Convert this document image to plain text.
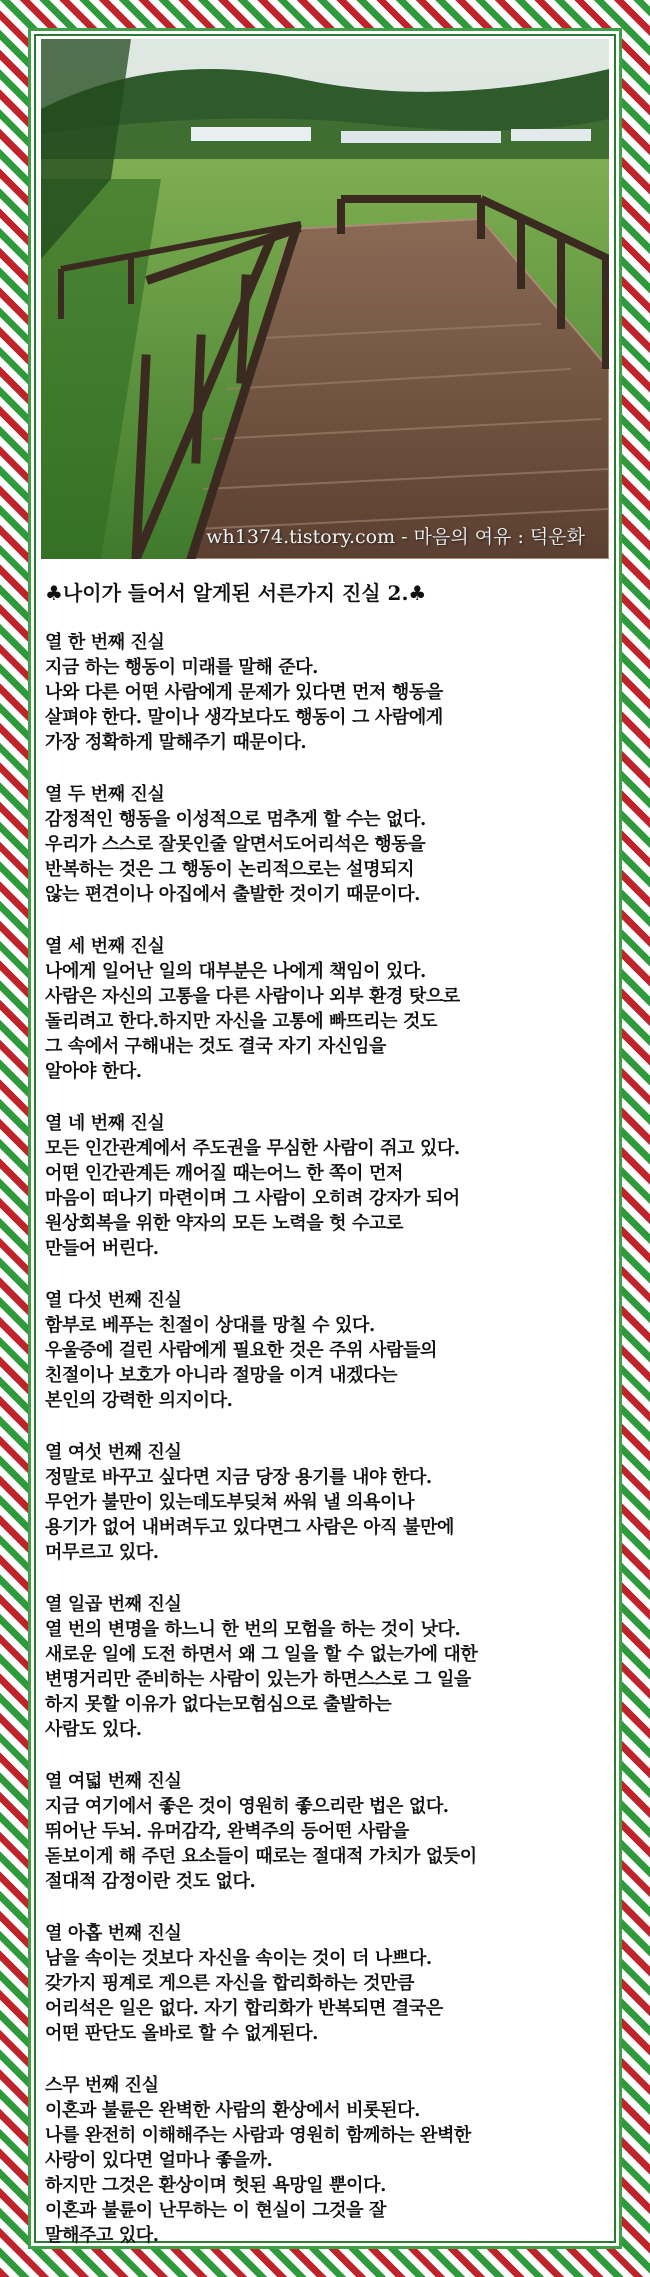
wh1374.tistory.com - 마음의 여유 : 덕운화

♣나이가 들어서 알게된 서른가지 진실 2.♣

열 한 번째 진실

지금 하는 행동이 미래를 말해 준다.

나와 다른 어떤 사람에게 문제가 있다면 먼저 행동을

살펴야 한다. 말이나 생각보다도 행동이 그 사람에게

가장 정확하게 말해주기 때문이다.

열 두 번째 진실

감정적인 행동을 이성적으로 멈추게 할 수는 없다.

우리가 스스로 잘못인줄 알면서도어리석은 행동을

반복하는 것은 그 행동이 논리적으로는 설명되지

않는 편견이나 아집에서 출발한 것이기 때문이다.

열 세 번째 진실

나에게 일어난 일의 대부분은 나에게 책임이 있다.

사람은 자신의 고통을 다른 사람이나 외부 환경 탓으로

돌리려고 한다.하지만 자신을 고통에 빠뜨리는 것도

그 속에서 구해내는 것도 결국 자기 자신임을

알아야 한다.

열 네 번째 진실

모든 인간관계에서 주도권을 무심한 사람이 쥐고 있다.

어떤 인간관계든 깨어질 때는어느 한 쪽이 먼저

마음이 떠나기 마련이며 그 사람이 오히려 강자가 되어

원상회복을 위한 약자의 모든 노력을 헛 수고로

만들어 버린다.

열 다섯 번째 진실

함부로 베푸는 친절이 상대를 망칠 수 있다.

우울증에 걸린 사람에게 필요한 것은 주위 사람들의

친절이나 보호가 아니라 절망을 이겨 내겠다는

본인의 강력한 의지이다.

열 여섯 번째 진실

정말로 바꾸고 싶다면 지금 당장 용기를 내야 한다.

무언가 불만이 있는데도부딪쳐 싸워 낼 의욕이나

용기가 없어 내버려두고 있다면그 사람은 아직 불만에

머무르고 있다.

열 일곱 번째 진실

열 번의 변명을 하느니 한 번의 모험을 하는 것이 낫다.

새로운 일에 도전 하면서 왜 그 일을 할 수 없는가에 대한

변명거리만 준비하는 사람이 있는가 하면스스로 그 일을

하지 못할 이유가 없다는모험심으로 출발하는

사람도 있다.

열 여덟 번째 진실

지금 여기에서 좋은 것이 영원히 좋으리란 법은 없다.

뛰어난 두뇌. 유머감각, 완벽주의 등어떤 사람을

돋보이게 해 주던 요소들이 때로는 절대적 가치가 없듯이

절대적 감정이란 것도 없다.

열 아홉 번째 진실

남을 속이는 것보다 자신을 속이는 것이 더 나쁘다.

갖가지 핑계로 게으른 자신을 합리화하는 것만큼

어리석은 일은 없다. 자기 합리화가 반복되면 결국은

어떤 판단도 올바로 할 수 없게된다.

스무 번째 진실

이혼과 불륜은 완벽한 사람의 환상에서 비롯된다.

나를 완전히 이해해주는 사람과 영원히 함께하는 완벽한

사랑이 있다면 얼마나 좋을까.

하지만 그것은 환상이며 헛된 욕망일 뿐이다.

이혼과 불륜이 난무하는 이 현실이 그것을 잘

말해주고 있다.
